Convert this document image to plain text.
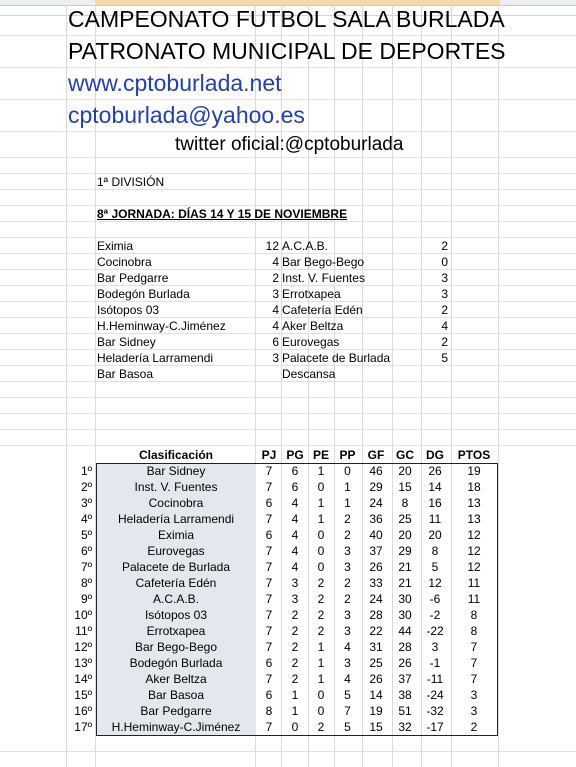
CAMPEONATO FUTBOL SALA BURLADA
PATRONATO MUNICIPAL DE DEPORTES
www.cptoburlada.net
cptoburlada@yahoo.es
twitter oficial:@cptoburlada
1ª DIVISIÓN
8ª JORNADA: DÍAS 14 Y 15 DE NOVIEMBRE
Eximia	12 A.C.A.B.	2
Cocinobra	4 Bar Bego-Bego	0
Bar Pedgarre	2 Inst. V. Fuentes	3
Bodegón Burlada	3 Errotxapea	3
Isótopos 03	4 Cafetería Edén	2
H.Heminway-C.Jiménez	4 Aker Beltza	4
Bar Sidney	6 Eurovegas	2
Heladería Larramendi	3 Palacete de Burlada	5
Bar Basoa	Descansa
Clasificación	PJ PG PE PP	GF GC	DG	PTOS
1º	Bar Sidney	7	6	1	0	46	20	26	19
2º	Inst. V. Fuentes	7	6	0	1	29	15	14	18
3º	Cocinobra	6	4	1	1	24	8	16	13
4º	Heladería Larramendi	7	4	1	2	36	25	11	13
5º	Eximia	6	4	0	2	40	20	20	12
6º	Eurovegas	7	4	0	3	37	29	8	12
7º	Palacete de Burlada	7	4	0	3	26	21	5	12
8º	Cafetería Edén	7	3	2	2	33	21	12	11
9º	A.C.A.B.	7	3	2	2	24	30	-6	11
10º	Isótopos 03	7	2	2	3	28	30	-2	8
11º	Errotxapea	7	2	2	3	22	44	-22	8
12º	Bar Bego-Bego	7	2	1	4	31	28	3	7
13º	Bodegón Burlada	6	2	1	3	25	26	-1	7
14º	Aker Beltza	7	2	1	4	26	37	-11	7
15º	Bar Basoa	6	1	0	5	14	38	-24	3
16º	Bar Pedgarre	8	1	0	7	19	51	-32	3
17º	H.Heminway-C.Jiménez	7	0	2	5	15	32	-17	2
